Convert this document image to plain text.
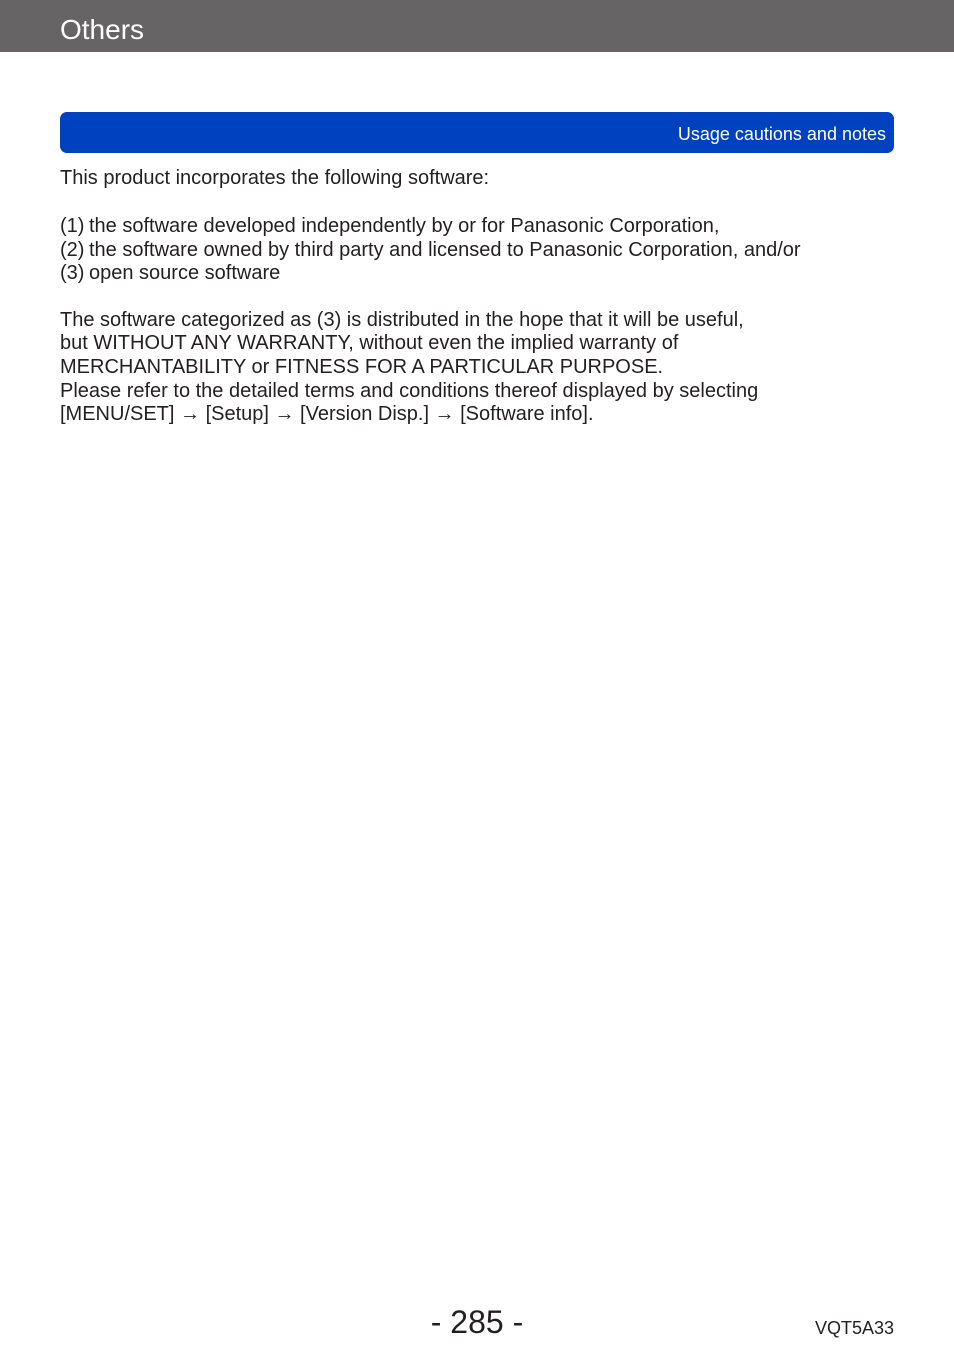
Others
Usage cautions and notes
This product incorporates the following software:
(1) the software developed independently by or for Panasonic Corporation,
(2) the software owned by third party and licensed to Panasonic Corporation, and/or
(3) open source software
The software categorized as (3) is distributed in the hope that it will be useful,
but WITHOUT ANY WARRANTY, without even the implied warranty of
MERCHANTABILITY or FITNESS FOR A PARTICULAR PURPOSE.
Please refer to the detailed terms and conditions thereof displayed by selecting
[MENU/SET] → [Setup] → [Version Disp.] → [Software info].
- 285 -	VQT5A33
